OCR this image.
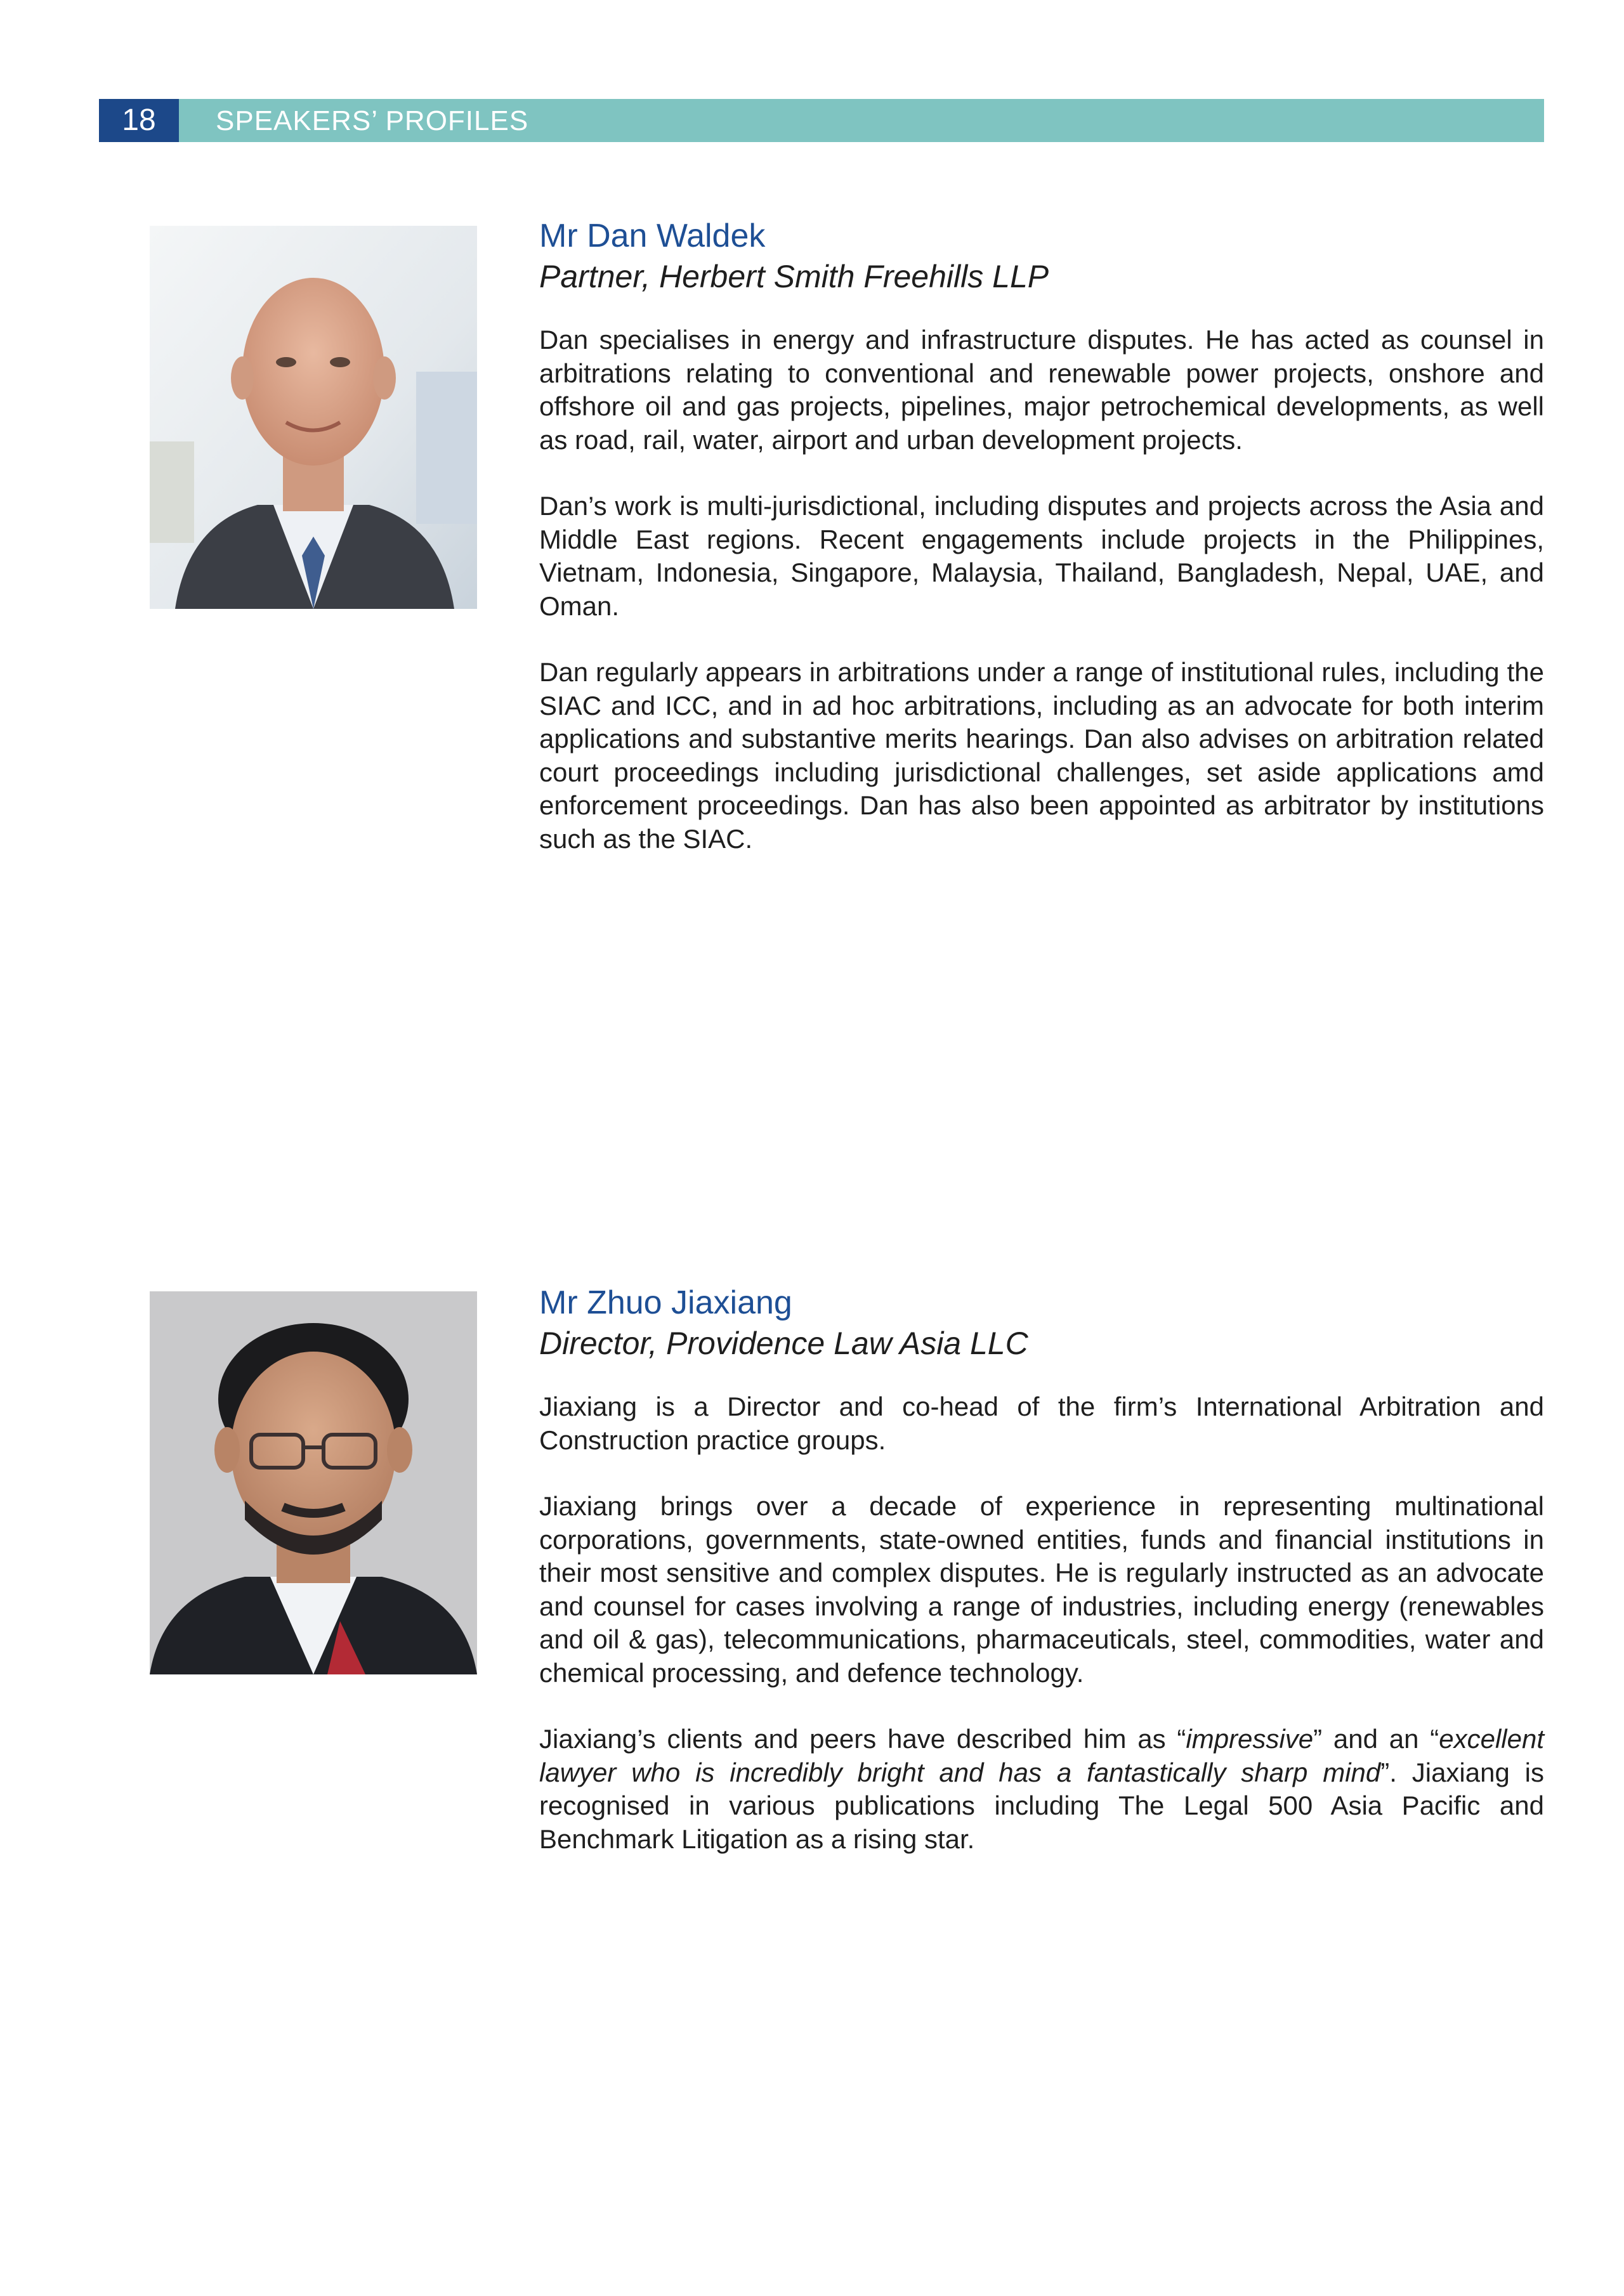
18	SPEAKERS’ PROFILES
Mr Dan Waldek
Partner, Herbert Smith Freehills LLP

Dan specialises in energy and infrastructure disputes. He has acted as counsel in arbitrations relating to conventional and renewable power projects, onshore and offshore oil and gas projects, pipelines, major petrochemical developments, as well as road, rail, water, airport and urban development projects.

Dan’s work is multi-jurisdictional, including disputes and projects across the Asia and Middle East regions. Recent engagements include projects in the Philippines, Vietnam, Indonesia, Singapore, Malaysia, Thailand, Bangladesh, Nepal, UAE, and Oman.

Dan regularly appears in arbitrations under a range of institutional rules, including the SIAC and ICC, and in ad hoc arbitrations, including as an advocate for both interim applications and substantive merits hearings. Dan also advises on arbitration related court proceedings including jurisdictional challenges, set aside applications amd enforcement proceedings. Dan has also been appointed as arbitrator by institutions such as the SIAC.

Mr Zhuo Jiaxiang
Director, Providence Law Asia LLC

Jiaxiang is a Director and co-head of the firm’s International Arbitration and Construction practice groups.

Jiaxiang brings over a decade of experience in representing multinational corporations, governments, state-owned entities, funds and financial institutions in their most sensitive and complex disputes. He is regularly instructed as an advocate and counsel for cases involving a range of industries, including energy (renewables and oil & gas), telecommunications, pharmaceuticals, steel, commodities, water and chemical processing, and defence technology.

Jiaxiang’s clients and peers have described him as “impressive” and an “excellent lawyer who is incredibly bright and has a fantastically sharp mind”. Jiaxiang is recognised in various publications including The Legal 500 Asia Pacific and Benchmark Litigation as a rising star.
